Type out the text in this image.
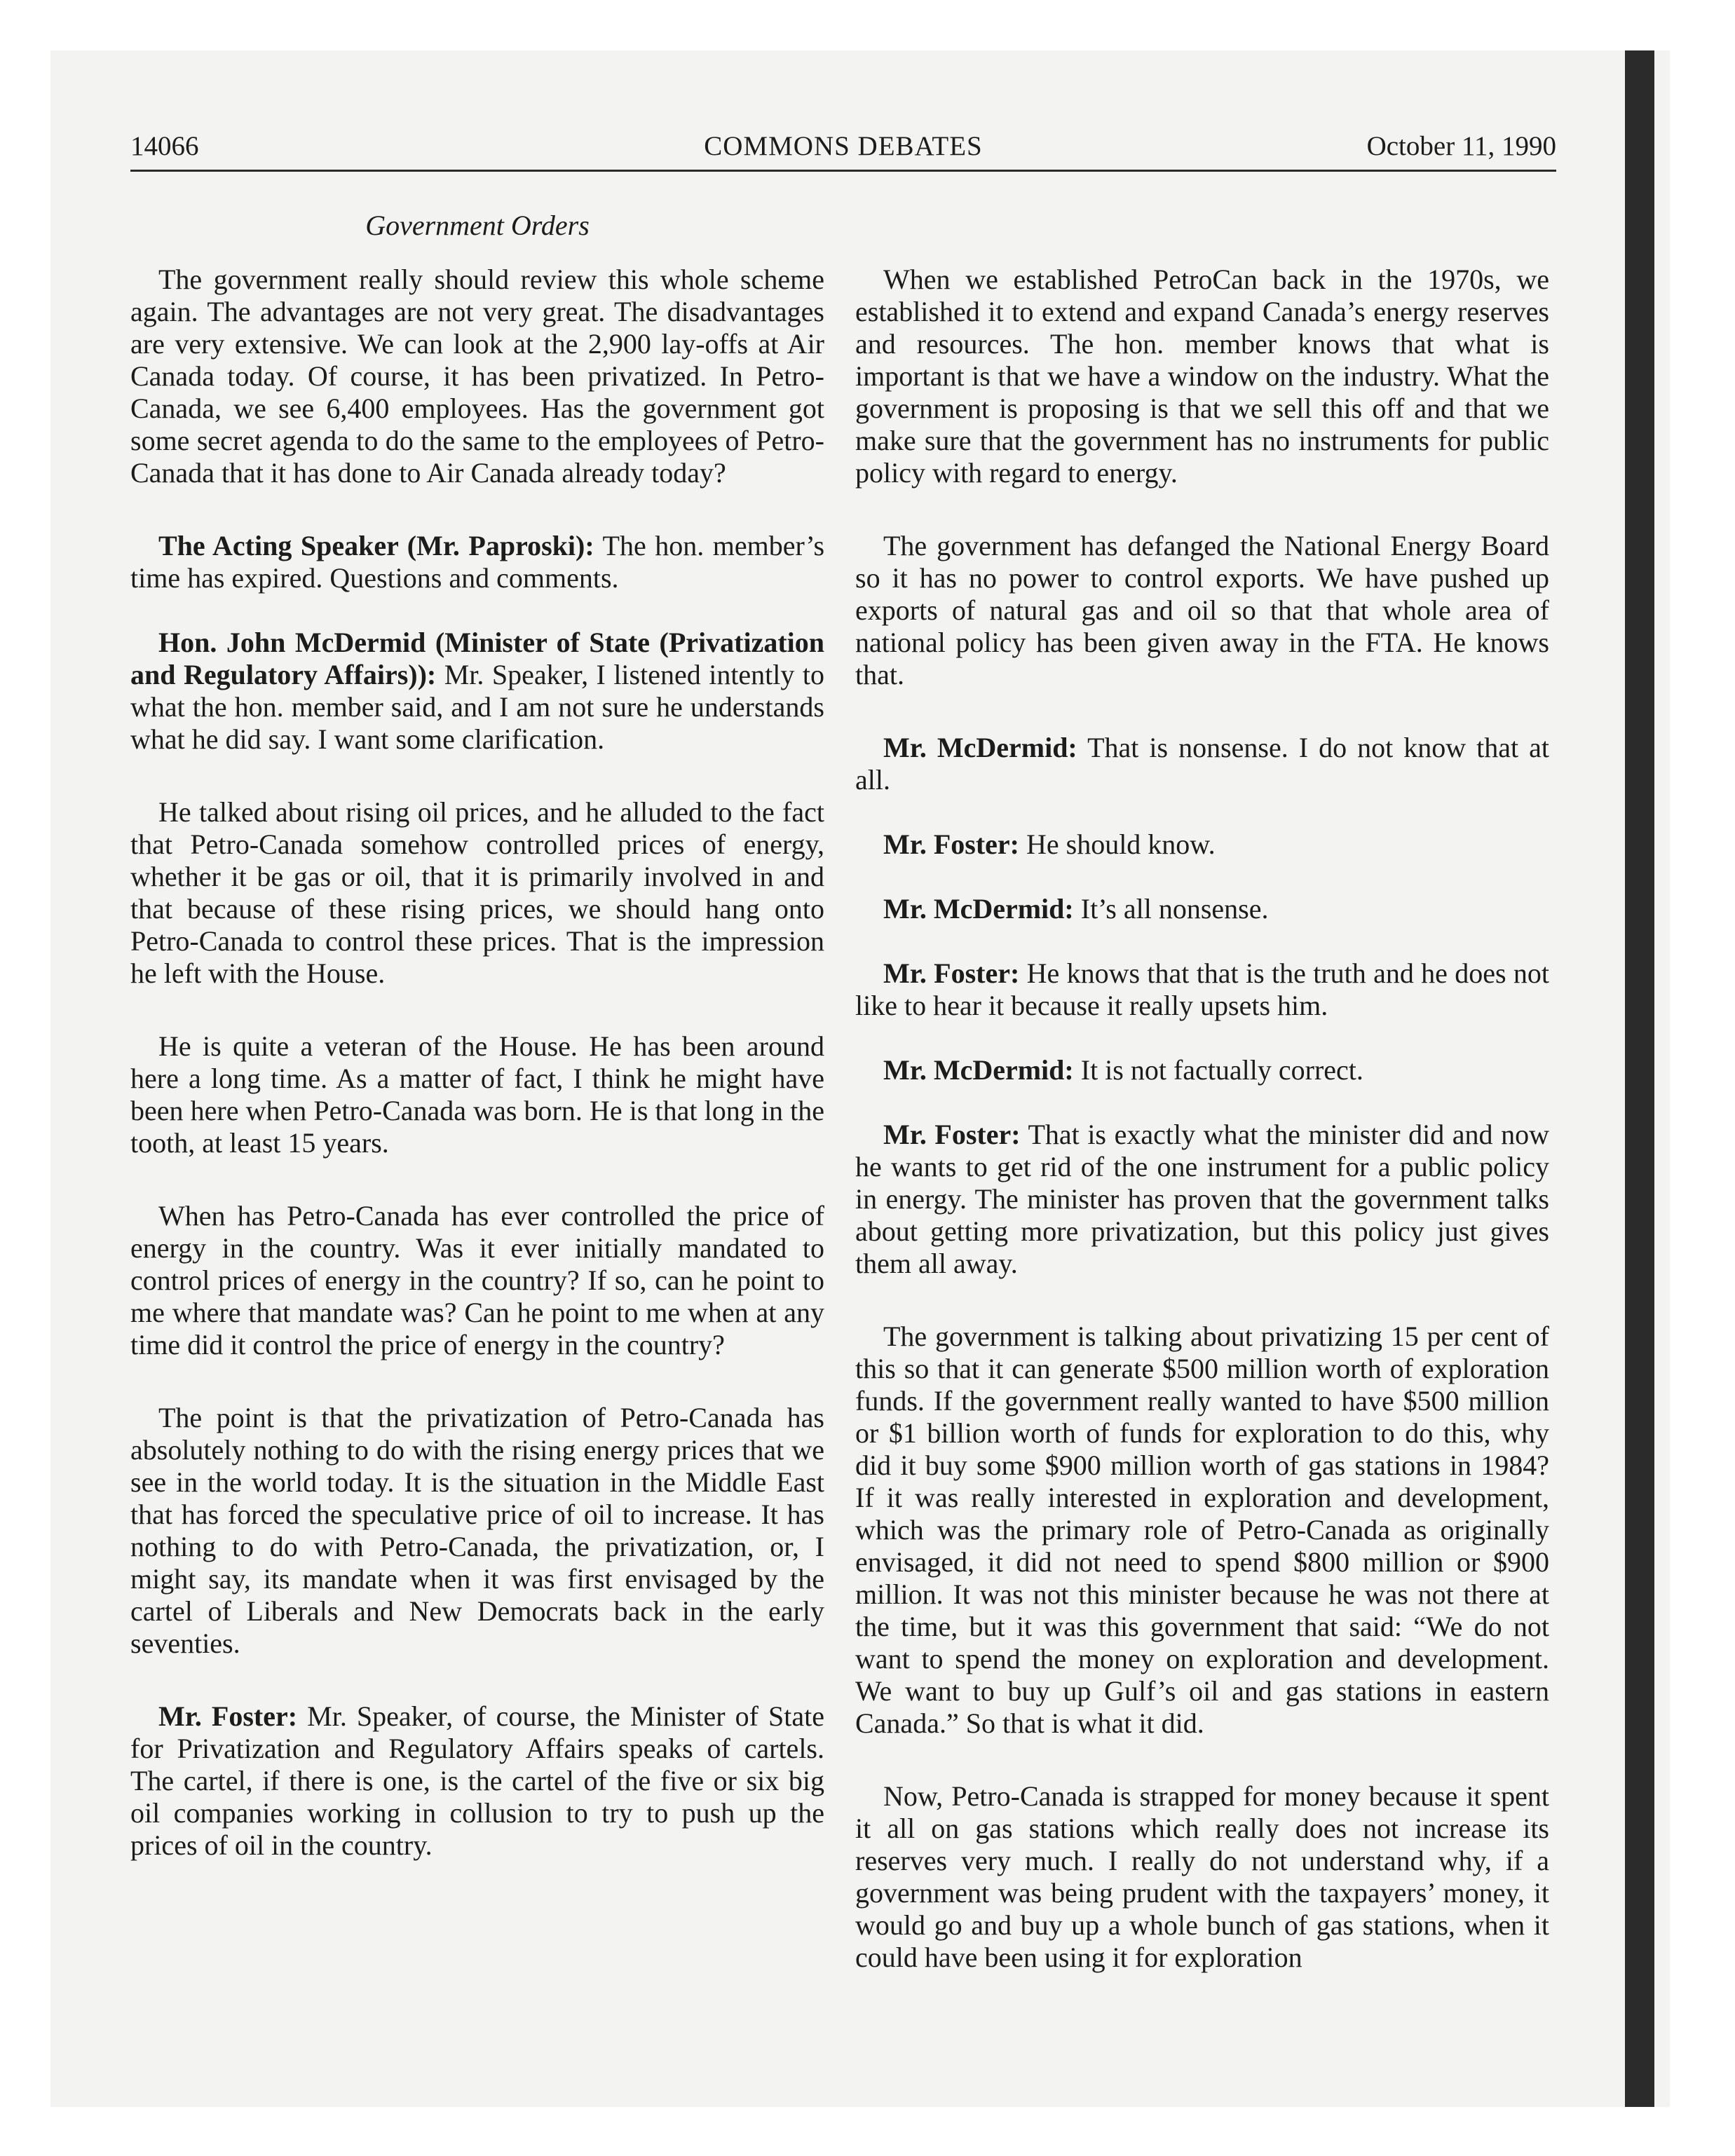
14066	COMMONS DEBATES	October 11, 1990
Government Orders

The government really should review this whole scheme again. The advantages are not very great. The disadvantages are very extensive. We can look at the 2,900 lay-offs at Air Canada today. Of course, it has been privatized. In Petro-Canada, we see 6,400 employees. Has the government got some secret agenda to do the same to the employees of Petro-Canada that it has done to Air Canada already today?

The Acting Speaker (Mr. Paproski): The hon. member’s time has expired. Questions and comments.

Hon. John McDermid (Minister of State (Privatization and Regulatory Affairs)): Mr. Speaker, I listened intently to what the hon. member said, and I am not sure he understands what he did say. I want some clarification.

He talked about rising oil prices, and he alluded to the fact that Petro-Canada somehow controlled prices of energy, whether it be gas or oil, that it is primarily involved in and that because of these rising prices, we should hang onto Petro-Canada to control these prices. That is the impression he left with the House.

He is quite a veteran of the House. He has been around here a long time. As a matter of fact, I think he might have been here when Petro-Canada was born. He is that long in the tooth, at least 15 years.

When has Petro-Canada has ever controlled the price of energy in the country. Was it ever initially mandated to control prices of energy in the country? If so, can he point to me where that mandate was? Can he point to me when at any time did it control the price of energy in the country?

The point is that the privatization of Petro-Canada has absolutely nothing to do with the rising energy prices that we see in the world today. It is the situation in the Middle East that has forced the speculative price of oil to increase. It has nothing to do with Petro-Canada, the privatization, or, I might say, its mandate when it was first envisaged by the cartel of Liberals and New Democrats back in the early seventies.

Mr. Foster: Mr. Speaker, of course, the Minister of State for Privatization and Regulatory Affairs speaks of cartels. The cartel, if there is one, is the cartel of the five or six big oil companies working in collusion to try to push up the prices of oil in the country.

When we established PetroCan back in the 1970s, we established it to extend and expand Canada’s energy reserves and resources. The hon. member knows that what is important is that we have a window on the industry. What the government is proposing is that we sell this off and that we make sure that the government has no instruments for public policy with regard to energy.

The government has defanged the National Energy Board so it has no power to control exports. We have pushed up exports of natural gas and oil so that that whole area of national policy has been given away in the FTA. He knows that.

Mr. McDermid: That is nonsense. I do not know that at all.

Mr. Foster: He should know.

Mr. McDermid: It’s all nonsense.

Mr. Foster: He knows that that is the truth and he does not like to hear it because it really upsets him.

Mr. McDermid: It is not factually correct.

Mr. Foster: That is exactly what the minister did and now he wants to get rid of the one instrument for a public policy in energy. The minister has proven that the government talks about getting more privatization, but this policy just gives them all away.

The government is talking about privatizing 15 per cent of this so that it can generate $500 million worth of exploration funds. If the government really wanted to have $500 million or $1 billion worth of funds for exploration to do this, why did it buy some $900 million worth of gas stations in 1984? If it was really interested in exploration and development, which was the primary role of Petro-Canada as originally envisaged, it did not need to spend $800 million or $900 million. It was not this minister because he was not there at the time, but it was this government that said: “We do not want to spend the money on exploration and development. We want to buy up Gulf’s oil and gas stations in eastern Canada.” So that is what it did.

Now, Petro-Canada is strapped for money because it spent it all on gas stations which really does not increase its reserves very much. I really do not understand why, if a government was being prudent with the taxpayers’ money, it would go and buy up a whole bunch of gas stations, when it could have been using it for exploration
